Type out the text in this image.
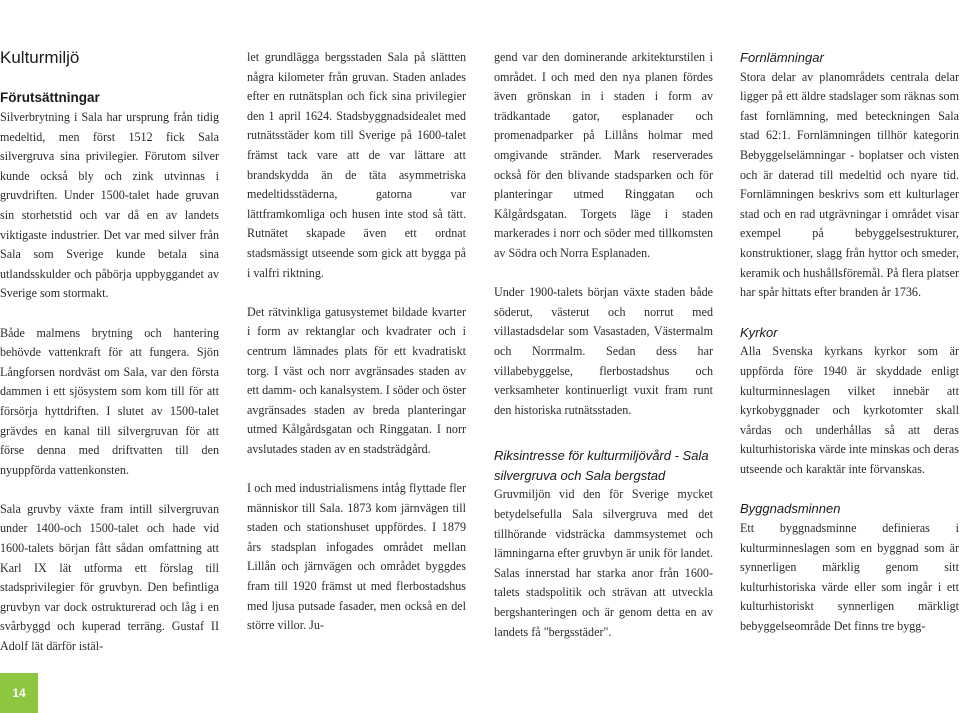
Kulturmiljö
Förutsättningar

Silverbrytning i Sala har ursprung från tidig medeltid, men först 1512 fick Sala silvergruva sina privilegier. Förutom silver kunde också bly och zink utvinnas i gruvdriften. Under 1500-talet hade gruvan sin storhetstid och var då en av landets viktigaste industrier. Det var med silver från Sala som Sverige kunde betala sina utlandsskulder och påbörja uppbyggandet av Sverige som stormakt.

Både malmens brytning och hantering behövde vattenkraft för att fungera. Sjön Långforsen nordväst om Sala, var den första dammen i ett sjösystem som kom till för att försörja hyttdriften. I slutet av 1500-talet grävdes en kanal till silvergruvan för att förse denna med driftvatten till den nyuppförda vattenkonsten.

Sala gruvby växte fram intill silvergruvan under 1400-och 1500-talet och hade vid 1600-talets början fått sådan omfattning att Karl IX lät utforma ett förslag till stadsprivilegier för gruvbyn. Den befintliga gruvbyn var dock ostrukturerad och låg i en svårbyggd och kuperad terräng. Gustaf II Adolf lät därför istäl-

let grundlägga bergsstaden Sala på slättten några kilometer från gruvan. Staden anlades efter en rutnätsplan och fick sina privilegier den 1 april 1624. Stadsbyggnadsidealet med rutnätsstäder kom till Sverige på 1600-talet främst tack vare att de var lättare att brandskydda än de täta asymmetriska medeltidsstäderna, gatorna var lättframkomliga och husen inte stod så tätt. Rutnätet skapade även ett ordnat stadsmässigt utseende som gick att bygga på i valfri riktning.

Det rätvinkliga gatusystemet bildade kvarter i form av rektanglar och kvadrater och i centrum lämnades plats för ett kvadratiskt torg. I väst och norr avgränsades staden av ett damm- och kanalsystem. I söder och öster avgränsades staden av breda planteringar utmed Kålgårdsgatan och Ringgatan. I norr avslutades staden av en stadsträdgård.

I och med industrialismens intåg flyttade fler människor till Sala. 1873 kom järnvägen till staden och stationshuset uppfördes. I 1879 års stadsplan infogades området mellan Lillån och järnvägen och området byggdes fram till 1920 främst ut med flerbostadshus med ljusa putsade fasader, men också en del större villor. Ju-

gend var den dominerande arkitekturstilen i området. I och med den nya planen fördes även grönskan in i staden i form av trädkantade gator, esplanader och promenadparker på Lillåns holmar med omgivande stränder. Mark reserverades också för den blivande stadsparken och för planteringar utmed Ringgatan och Kålgårdsgatan. Torgets läge i staden markerades i norr och söder med tillkomsten av Södra och Norra Esplanaden.

Under 1900-talets början växte staden både söderut, västerut och norrut med villastadsdelar som Vasastaden, Västermalm och Norrmalm. Sedan dess har villabebyggelse, flerbostadshus och verksamheter kontinuerligt vuxit fram runt den historiska rutnätsstaden.

Riksintresse för kulturmiljövård - Sala silvergruva och Sala bergstad

Gruvmiljön vid den för Sverige mycket betydelsefulla Sala silvergruva med det tillhörande vidsträcka dammsystemet och lämningarna efter gruvbyn är unik för landet. Salas innerstad har starka anor från 1600-talets stadspolitik och strävan att utveckla bergshanteringen och är genom detta en av landets få "bergsstäder".

Fornlämningar

Stora delar av planområdets centrala delar ligger på ett äldre stadslager som räknas som fast fornlämning, med beteckningen Sala stad 62:1. Fornlämningen tillhör kategorin Bebyggelselämningar - boplatser och visten och är daterad till medeltid och nyare tid. Fornlämningen beskrivs som ett kulturlager stad och en rad utgrävningar i området visar exempel på bebyggelsestrukturer, konstruktioner, slagg från hyttor och smeder, keramik och hushållsföremål. På flera platser har spår hittats efter branden år 1736.

Kyrkor

Alla Svenska kyrkans kyrkor som är uppförda före 1940 är skyddade enligt kulturminneslagen vilket innebär att kyrkobyggnader och kyrkotomter skall vårdas och underhållas så att deras kulturhistoriska värde inte minskas och deras utseende och karaktär inte förvanskas.

Byggnadsminnen

Ett byggnadsminne definieras i kulturminneslagen som en byggnad som är synnerligen märklig genom sitt kulturhistoriska värde eller som ingår i ett kulturhistoriskt synnerligen märkligt bebyggelseområde Det finns tre bygg-

14
